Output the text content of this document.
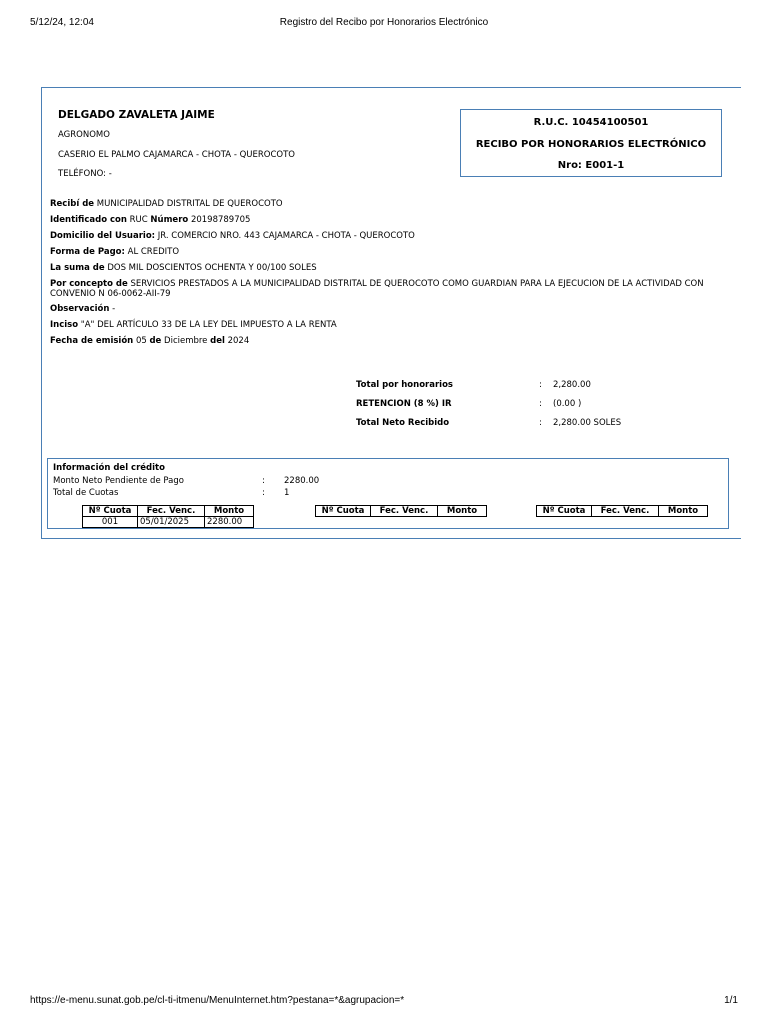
5/12/24, 12:04	Registro del Recibo por Honorarios Electrónico
DELGADO ZAVALETA JAIME
AGRONOMO
CASERIO EL PALMO CAJAMARCA - CHOTA - QUEROCOTO
TELÉFONO: -
R.U.C. 10454100501
RECIBO POR HONORARIOS ELECTRÓNICO
Nro: E001-1
Recibí de MUNICIPALIDAD DISTRITAL DE QUEROCOTO
Identificado con RUC Número 20198789705
Domicilio del Usuario: JR. COMERCIO NRO. 443 CAJAMARCA - CHOTA - QUEROCOTO
Forma de Pago: AL CREDITO
La suma de DOS MIL DOSCIENTOS OCHENTA Y 00/100 SOLES
Por concepto de SERVICIOS PRESTADOS A LA MUNICIPALIDAD DISTRITAL DE QUEROCOTO COMO GUARDIAN PARA LA EJECUCION DE LA ACTIVIDAD CON CONVENIO N 06-0062-AII-79
Observación -
Inciso "A" DEL ARTÍCULO 33 DE LA LEY DEL IMPUESTO A LA RENTA
Fecha de emisión 05 de Diciembre del 2024
Total por honorarios	: 2,280.00
RETENCION (8 %) IR	: (0.00 )
Total Neto Recibido	: 2,280.00 SOLES
Información del crédito
Monto Neto Pendiente de Pago	: 2280.00
Total de Cuotas	: 1
Nº Cuota	Fec. Venc.	Monto
001	05/01/2025	2280.00
Nº Cuota	Fec. Venc.	Monto	Nº Cuota	Fec. Venc.	Monto
https://e-menu.sunat.gob.pe/cl-ti-itmenu/MenuInternet.htm?pestana=*&agrupacion=*	1/1
